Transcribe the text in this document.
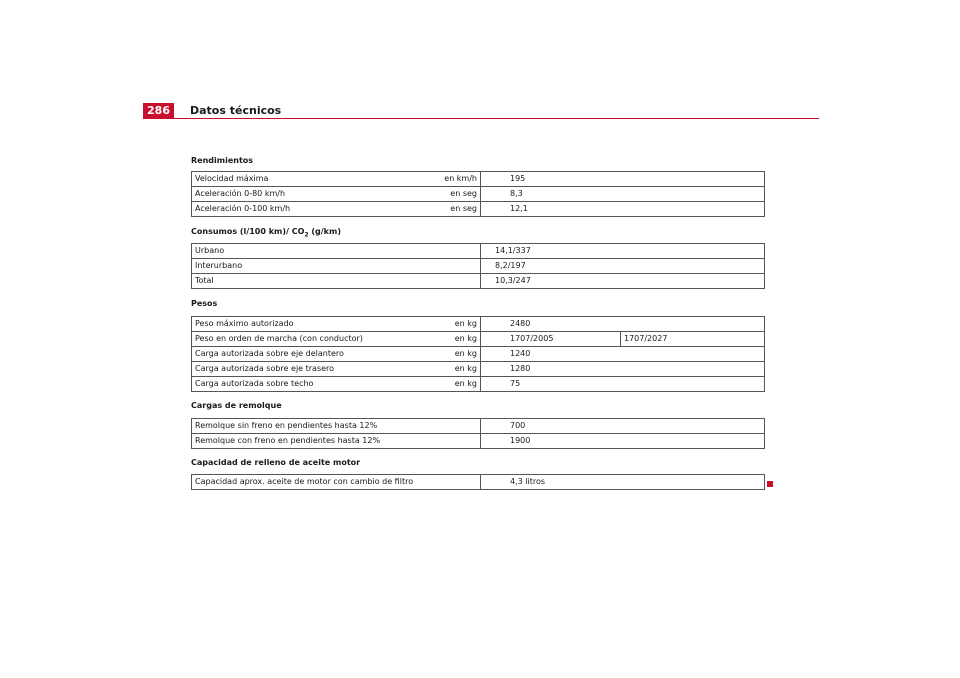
286	Datos técnicos
Rendimientos
Velocidad máxima	en km/h	195
Aceleración 0-80 km/h	en seg	8,3
Aceleración 0-100 km/h	en seg	12,1
Consumos (l/100 km)/ $CO_2$ (g/km)
Urbano	14,1/337
Interurbano	8,2/197
Total	10,3/247
Pesos
Peso máximo autorizado	en kg	2480	
Peso en orden de marcha (con conductor)	en kg	1707/2005	1707/2027
Carga autorizada sobre eje delantero	en kg	1240	
Carga autorizada sobre eje trasero	en kg	1280	
Carga autorizada sobre techo	en kg	75	
Cargas de remolque
Remolque sin freno en pendientes hasta 12%	700
Remolque con freno en pendientes hasta 12%	1900
Capacidad de relleno de aceite motor
Capacidad aprox. aceite de motor con cambio de filtro	4,3 litros
